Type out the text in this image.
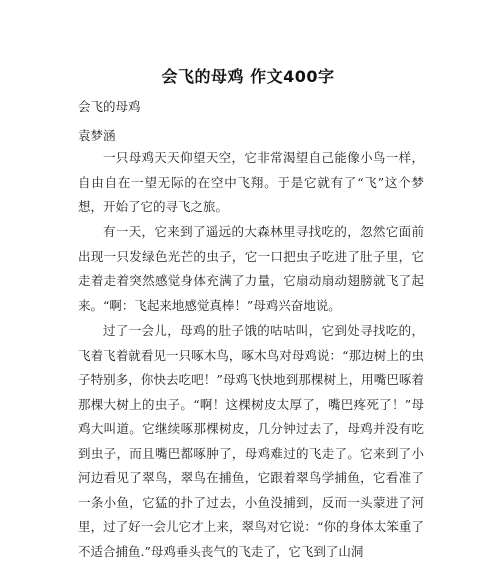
会飞的母鸡 作文400字
会飞的母鸡
袁梦涵
一只母鸡天天仰望天空，它非常渴望自己能像小鸟一样，自由自在一望无际的在空中飞翔。于是它就有了“飞”这个梦想，开始了它的寻飞之旅。
有一天，它来到了遥远的大森林里寻找吃的，忽然它面前出现一只发绿色光芒的虫子，它一口把虫子吃进了肚子里，它走着走着突然感觉身体充满了力量，它扇动扇动翅膀就飞了起来。“啊：飞起来地感觉真棒！”母鸡兴奋地说。
过了一会儿，母鸡的肚子饿的咕咕叫，它到处寻找吃的，飞着飞着就看见一只啄木鸟，啄木鸟对母鸡说：“那边树上的虫子特别多，你快去吃吧！”母鸡飞快地到那棵树上，用嘴巴啄着那棵大树上的虫子。“啊！这棵树皮太厚了，嘴巴疼死了！”母鸡大叫道。它继续啄那棵树皮，几分钟过去了，母鸡并没有吃到虫子，而且嘴巴都啄肿了，母鸡难过的飞走了。它来到了小河边看见了翠鸟，翠鸟在捕鱼，它跟着翠鸟学捕鱼，它看准了一条小鱼，它猛的扑了过去，小鱼没捕到，反而一头蒙进了河里，过了好一会儿它才上来，翠鸟对它说：“你的身体太笨重了不适合捕鱼.”母鸡垂头丧气的飞走了，它飞到了山洞
